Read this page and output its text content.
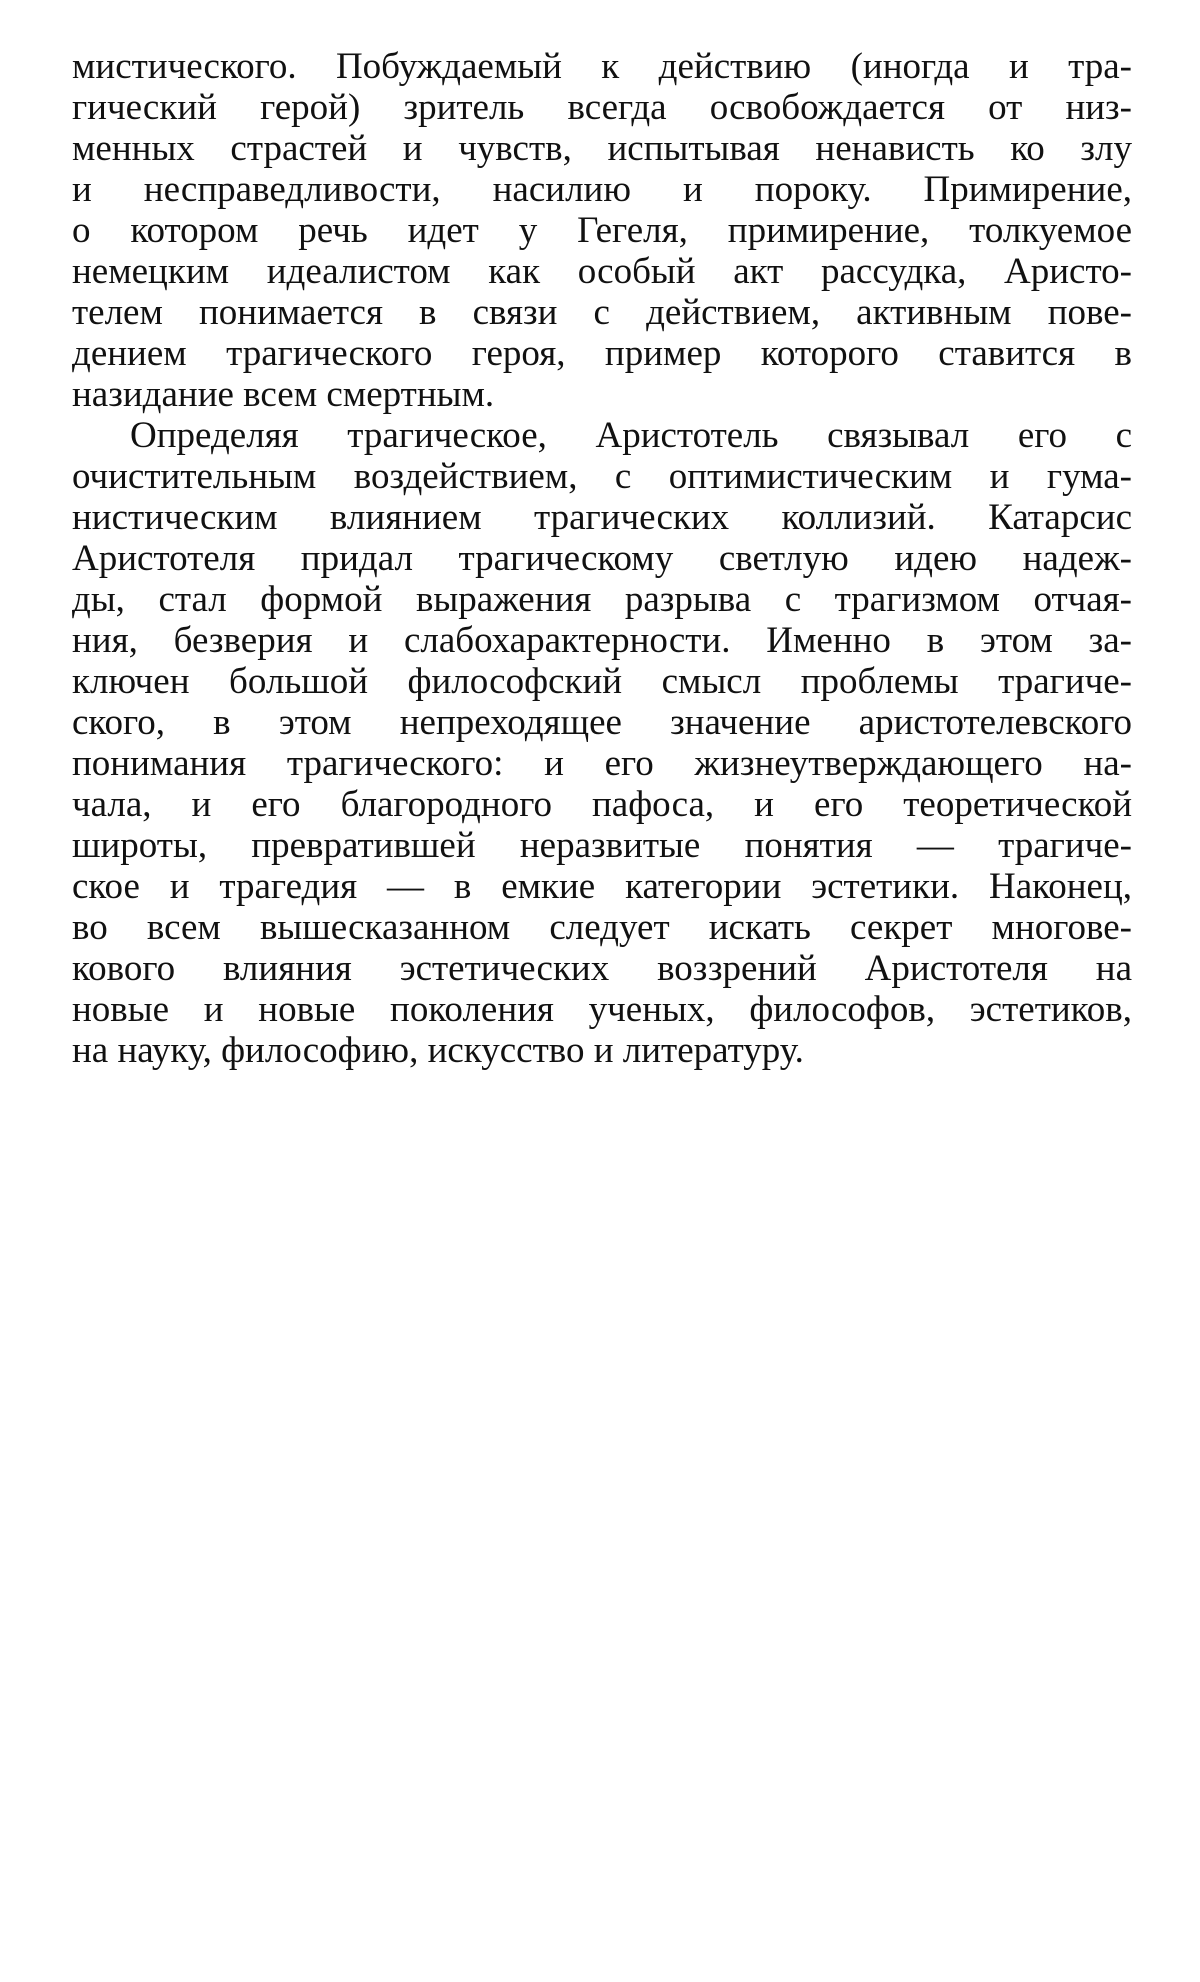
мистического. Побуждаемый к действию (иногда и тра-
гический герой) зритель всегда освобождается от низ-
менных страстей и чувств, испытывая ненависть ко злу
и несправедливости, насилию и пороку. Примирение,
о котором речь идет у Гегеля, примирение, толкуемое
немецким идеалистом как особый акт рассудка, Аристо-
телем понимается в связи с действием, активным пове-
дением трагического героя, пример которого ставится в
назидание всем смертным.
Определяя трагическое, Аристотель связывал его с
очистительным воздействием, с оптимистическим и гума-
нистическим влиянием трагических коллизий. Катарсис
Аристотеля придал трагическому светлую идею надеж-
ды, стал формой выражения разрыва с трагизмом отчая-
ния, безверия и слабохарактерности. Именно в этом за-
ключен большой философский смысл проблемы трагиче-
ского, в этом непреходящее значение аристотелевского
понимания трагического: и его жизнеутверждающего на-
чала, и его благородного пафоса, и его теоретической
широты, превратившей неразвитые понятия — трагиче-
ское и трагедия — в емкие категории эстетики. Наконец,
во всем вышесказанном следует искать секрет многове-
кового влияния эстетических воззрений Аристотеля на
новые и новые поколения ученых, философов, эстетиков,
на науку, философию, искусство и литературу.
